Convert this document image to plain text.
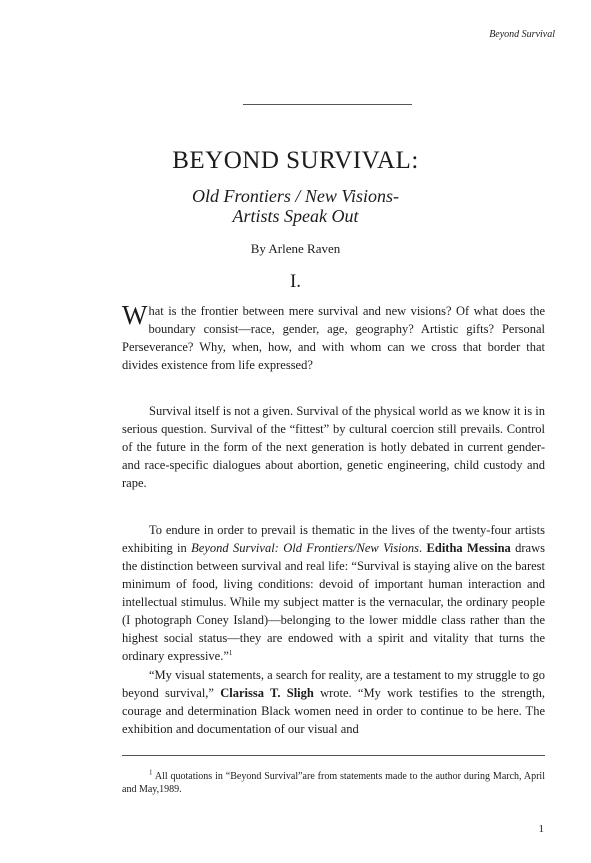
Beyond Survival
BEYOND SURVIVAL:
Old Frontiers / New Visions-
Artists Speak Out
By Arlene Raven
I.

What is the frontier between mere survival and new visions? Of what does the boundary consist—race, gender, age, geography? Artistic gifts? Personal Perseverance? Why, when, how, and with whom can we cross that border that divides existence from life expressed?

Survival itself is not a given. Survival of the physical world as we know it is in serious question. Survival of the “fittest” by cultural coercion still prevails. Control of the future in the form of the next generation is hotly debated in current gender-and race-specific dialogues about abortion, genetic engineering, child custody and rape.

To endure in order to prevail is thematic in the lives of the twenty-four artists exhibiting in Beyond Survival: Old Frontiers/New Visions. Editha Messina draws the distinction between survival and real life: “Survival is staying alive on the barest minimum of food, living conditions: devoid of important human interaction and intellectual stimulus. While my subject matter is the vernacular, the ordinary people (I photograph Coney Island)—belonging to the lower middle class rather than the highest social status—they are endowed with a spirit and vitality that turns the ordinary expressive.”$^1$

“My visual statements, a search for reality, are a testament to my struggle to go beyond survival,” Clarissa T. Sligh wrote. “My work testifies to the strength, courage and determination Black women need in order to continue to be here. The exhibition and documentation of our visual and

$^1$ All quotations in “Beyond Survival”are from statements made to the author during March, April and May,1989.

1
